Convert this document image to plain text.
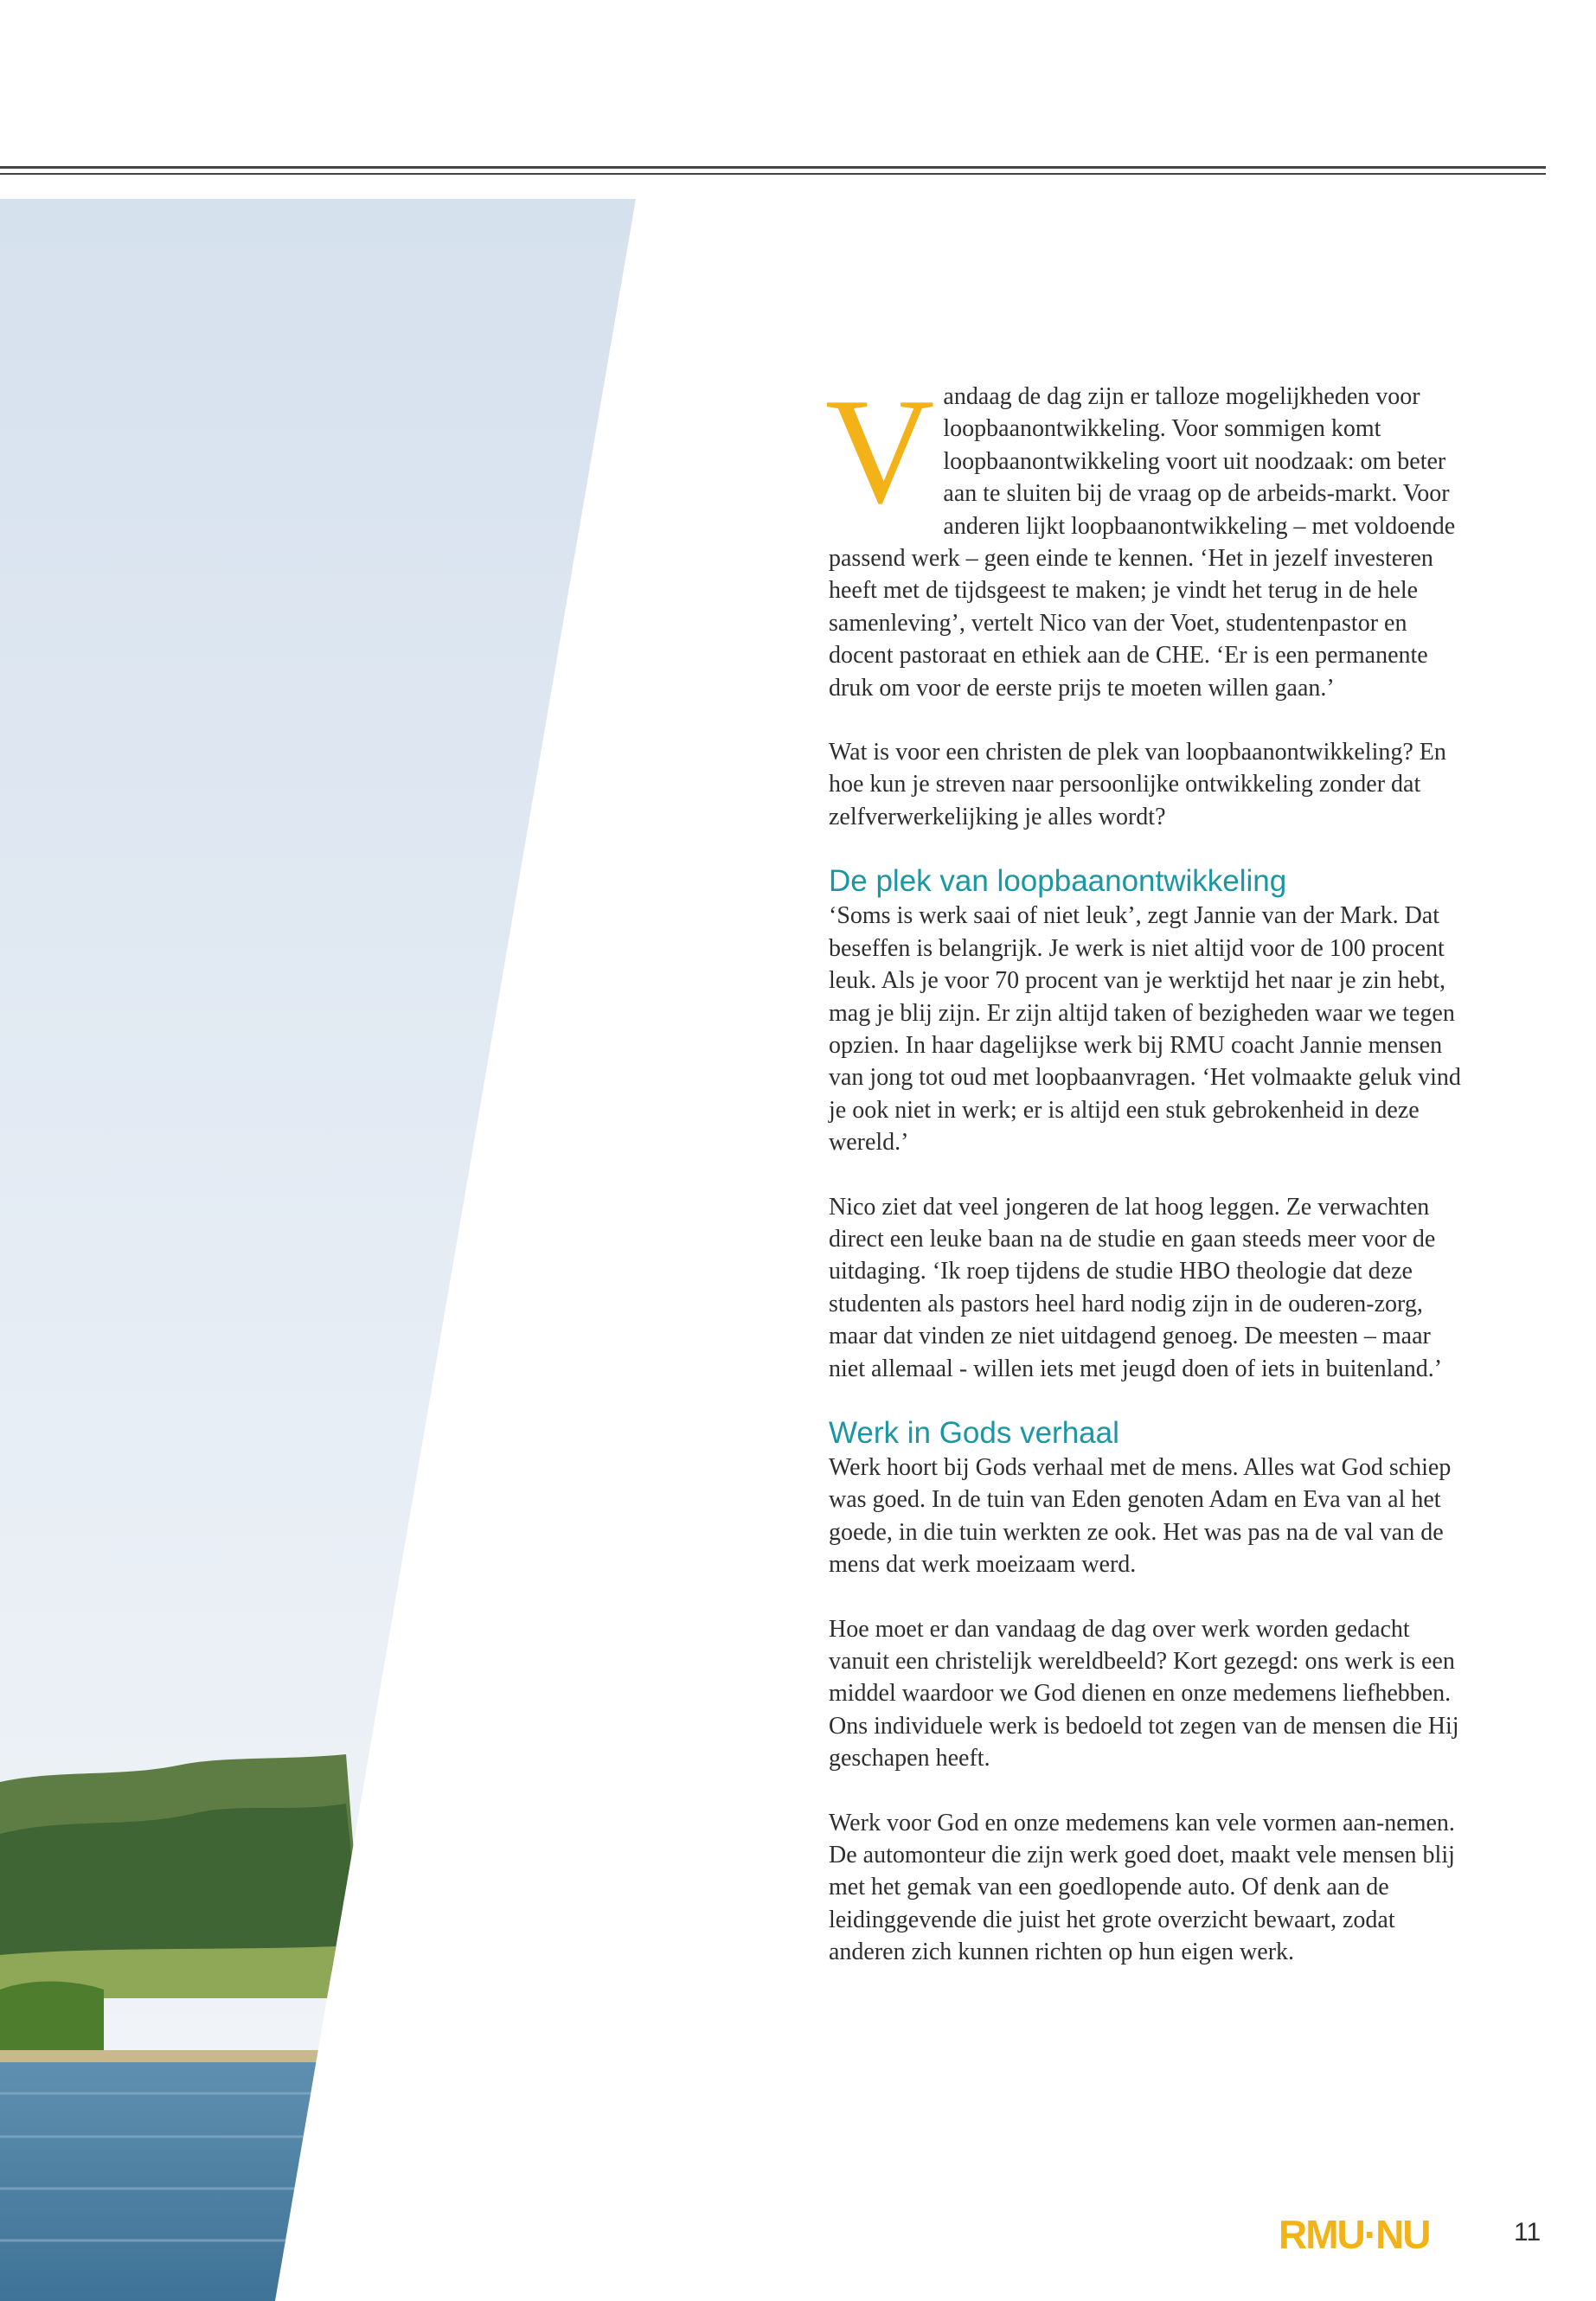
Vandaag de dag zijn er talloze mogelijkheden voor loopbaanontwikkeling. Voor sommigen komt loopbaanontwikkeling voort uit noodzaak: om beter aan te sluiten bij de vraag op de arbeids-markt. Voor anderen lijkt loopbaanontwikkeling – met voldoende passend werk – geen einde te kennen. ‘Het in jezelf investeren heeft met de tijdsgeest te maken; je vindt het terug in de hele samenleving’, vertelt Nico van der Voet, studentenpastor en docent pastoraat en ethiek aan de CHE. ‘Er is een permanente druk om voor de eerste prijs te moeten willen gaan.’

Wat is voor een christen de plek van loopbaanontwikkeling? En hoe kun je streven naar persoonlijke ontwikkeling zonder dat zelfverwerkelijking je alles wordt?

De plek van loopbaanontwikkeling

‘Soms is werk saai of niet leuk’, zegt Jannie van der Mark. Dat beseffen is belangrijk. Je werk is niet altijd voor de 100 procent leuk. Als je voor 70 procent van je werktijd het naar je zin hebt, mag je blij zijn. Er zijn altijd taken of bezigheden waar we tegen opzien. In haar dagelijkse werk bij RMU coacht Jannie mensen van jong tot oud met loopbaanvragen. ‘Het volmaakte geluk vind je ook niet in werk; er is altijd een stuk gebrokenheid in deze wereld.’

Nico ziet dat veel jongeren de lat hoog leggen. Ze verwachten direct een leuke baan na de studie en gaan steeds meer voor de uitdaging. ‘Ik roep tijdens de studie HBO theologie dat deze studenten als pastors heel hard nodig zijn in de ouderen-zorg, maar dat vinden ze niet uitdagend genoeg. De meesten – maar niet allemaal - willen iets met jeugd doen of iets in buitenland.’

Werk in Gods verhaal

Werk hoort bij Gods verhaal met de mens. Alles wat God schiep was goed. In de tuin van Eden genoten Adam en Eva van al het goede, in die tuin werkten ze ook. Het was pas na de val van de mens dat werk moeizaam werd.

Hoe moet er dan vandaag de dag over werk worden gedacht vanuit een christelijk wereldbeeld? Kort gezegd: ons werk is een middel waardoor we God dienen en onze medemens liefhebben. Ons individuele werk is bedoeld tot zegen van de mensen die Hij geschapen heeft.

Werk voor God en onze medemens kan vele vormen aan-nemen. De automonteur die zijn werk goed doet, maakt vele mensen blij met het gemak van een goedlopende auto. Of denk aan de leidinggevende die juist het grote overzicht bewaart, zodat anderen zich kunnen richten op hun eigen werk.

RMU·NU	11
